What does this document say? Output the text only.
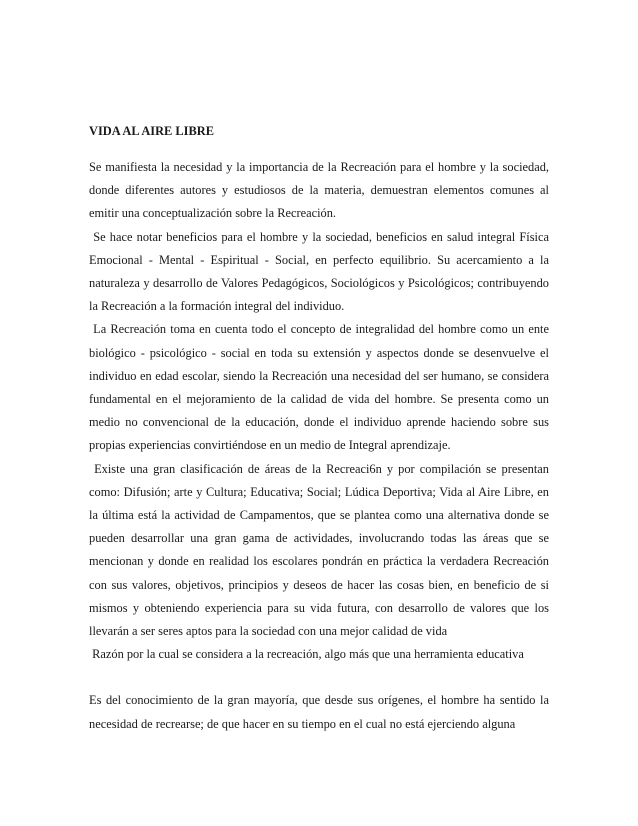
VIDA AL AIRE LIBRE

Se manifiesta la necesidad y la importancia de la Recreación para el hombre y la sociedad, donde diferentes autores y estudiosos de la materia, demuestran elementos comunes al emitir una conceptualización sobre la Recreación.

Se hace notar beneficios para el hombre y la sociedad, beneficios en salud integral Física Emocional - Mental - Espiritual - Social, en perfecto equilibrio. Su acercamiento a la naturaleza y desarrollo de Valores Pedagógicos, Sociológicos y Psicológicos; contribuyendo la Recreación a la formación integral del individuo.

La Recreación toma en cuenta todo el concepto de integralidad del hombre como un ente biológico - psicológico - social en toda su extensión y aspectos donde se desenvuelve el individuo en edad escolar, siendo la Recreación una necesidad del ser humano, se considera fundamental en el mejoramiento de la calidad de vida del hombre. Se presenta como un medio no convencional de la educación, donde el individuo aprende haciendo sobre sus propias experiencias convirtiéndose en un medio de Integral aprendizaje.

Existe una gran clasificación de áreas de la Recreaci6n y por compilación se presentan como: Difusión; arte y Cultura; Educativa; Social; Lúdica Deportiva; Vida al Aire Libre, en la última está la actividad de Campamentos, que se plantea como una alternativa donde se pueden desarrollar una gran gama de actividades, involucrando todas las áreas que se mencionan y donde en realidad los escolares pondrán en práctica la verdadera Recreación con sus valores, objetivos, principios y deseos de hacer las cosas bien, en beneficio de si mismos y obteniendo experiencia para su vida futura, con desarrollo de valores que los llevarán a ser seres aptos para la sociedad con una mejor calidad de vida

Razón por la cual se considera a la recreación, algo más que una herramienta educativa

Es del conocimiento de la gran mayoría, que desde sus orígenes, el hombre ha sentido la necesidad de recrearse; de que hacer en su tiempo en el cual no está ejerciendo alguna
